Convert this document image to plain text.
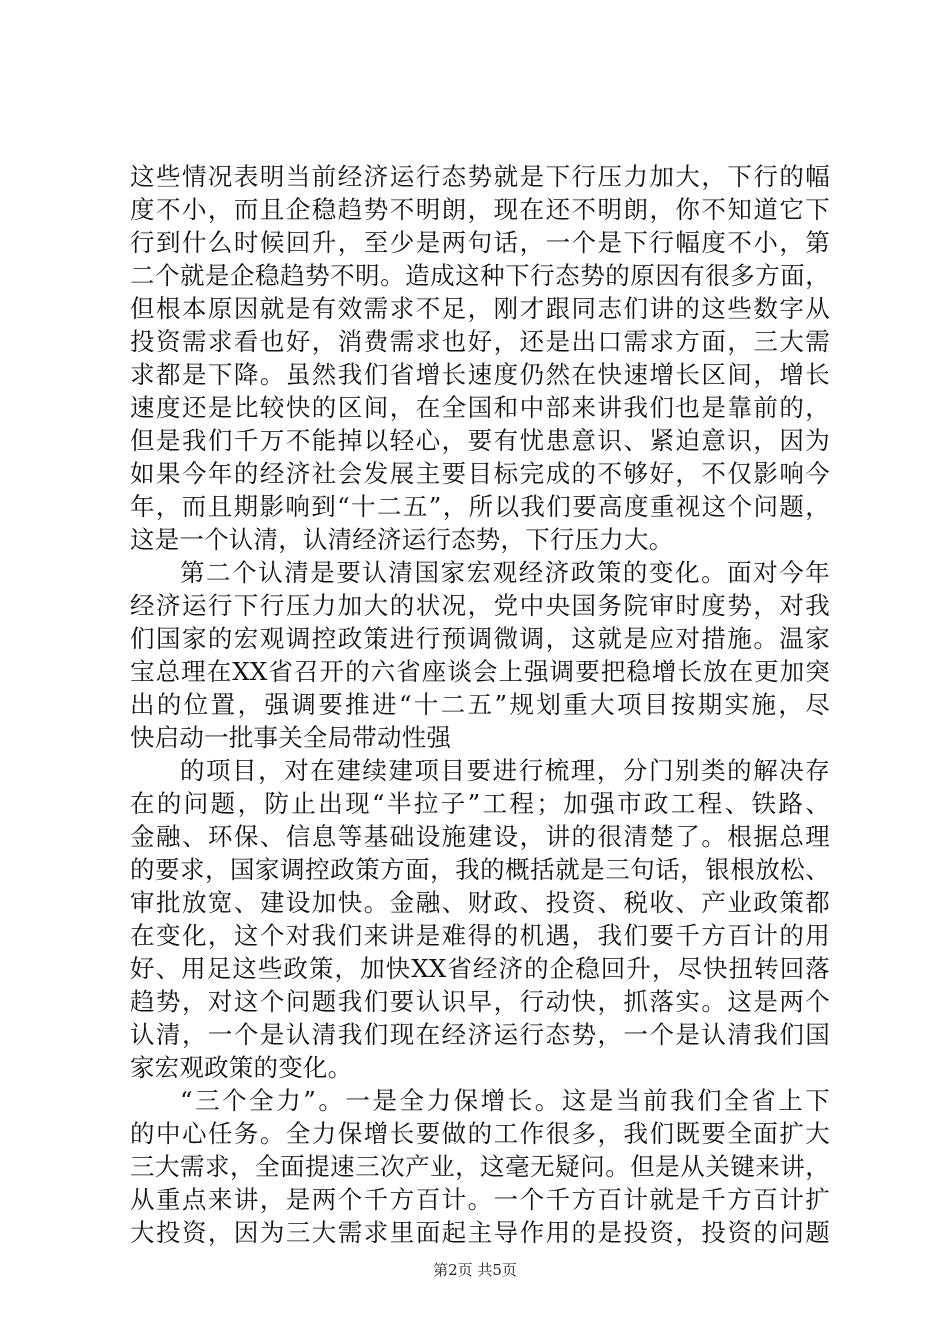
这些情况表明当前经济运行态势就是下行压力加大，下行的幅
度不小，而且企稳趋势不明朗，现在还不明朗，你不知道它下
行到什么时候回升，至少是两句话，一个是下行幅度不小，第
二个就是企稳趋势不明。造成这种下行态势的原因有很多方面，
但根本原因就是有效需求不足，刚才跟同志们讲的这些数字从
投资需求看也好，消费需求也好，还是出口需求方面，三大需
求都是下降。虽然我们省增长速度仍然在快速增长区间，增长
速度还是比较快的区间，在全国和中部来讲我们也是靠前的，
但是我们千万不能掉以轻心，要有忧患意识、紧迫意识，因为
如果今年的经济社会发展主要目标完成的不够好，不仅影响今
年，而且期影响到“十二五”，所以我们要高度重视这个问题，
这是一个认清，认清经济运行态势，下行压力大。
第二个认清是要认清国家宏观经济政策的变化。面对今年
经济运行下行压力加大的状况，党中央国务院审时度势，对我
们国家的宏观调控政策进行预调微调，这就是应对措施。温家
宝总理在XX省召开的六省座谈会上强调要把稳增长放在更加突
出的位置，强调要推进“十二五”规划重大项目按期实施，尽
快启动一批事关全局带动性强
的项目，对在建续建项目要进行梳理，分门别类的解决存
在的问题，防止出现“半拉子”工程；加强市政工程、铁路、
金融、环保、信息等基础设施建设，讲的很清楚了。根据总理
的要求，国家调控政策方面，我的概括就是三句话，银根放松、
审批放宽、建设加快。金融、财政、投资、税收、产业政策都
在变化，这个对我们来讲是难得的机遇，我们要千方百计的用
好、用足这些政策，加快XX省经济的企稳回升，尽快扭转回落
趋势，对这个问题我们要认识早，行动快，抓落实。这是两个
认清，一个是认清我们现在经济运行态势，一个是认清我们国
家宏观政策的变化。
“三个全力”。一是全力保增长。这是当前我们全省上下
的中心任务。全力保增长要做的工作很多，我们既要全面扩大
三大需求，全面提速三次产业，这毫无疑问。但是从关键来讲，
从重点来讲，是两个千方百计。一个千方百计就是千方百计扩
大投资，因为三大需求里面起主导作用的是投资，投资的问题
第2页 共5页
